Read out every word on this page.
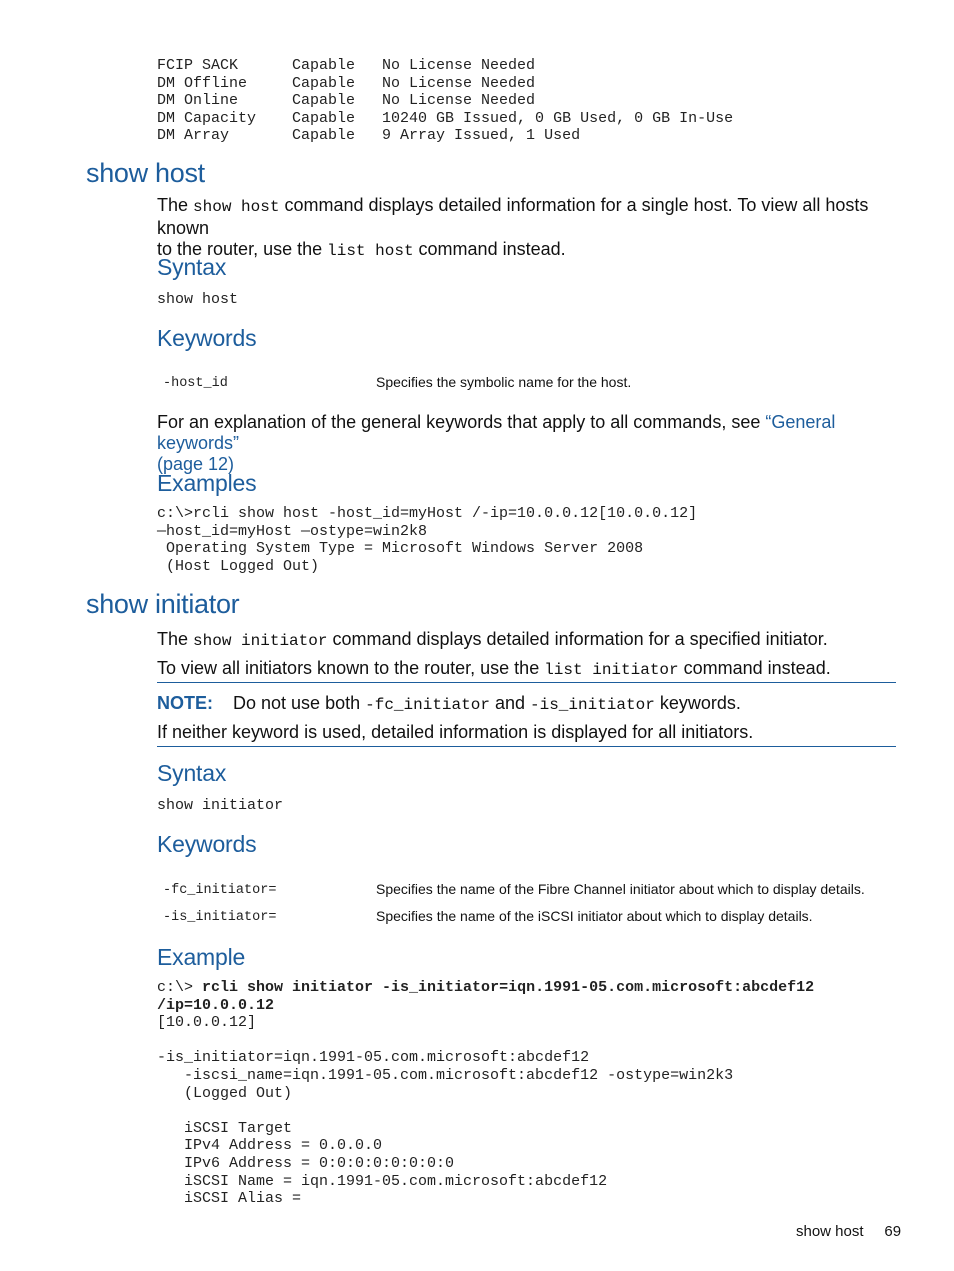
FCIP SACK      Capable   No License Needed
DM Offline     Capable   No License Needed
DM Online      Capable   No License Needed
DM Capacity    Capable   10240 GB Issued, 0 GB Used, 0 GB In-Use
DM Array       Capable   9 Array Issued, 1 Used
show host
The show host command displays detailed information for a single host. To view all hosts known
to the router, use the list host command instead.
Syntax
show host
Keywords
-host_id	Specifies the symbolic name for the host.
For an explanation of the general keywords that apply to all commands, see “General keywords”
(page 12)
Examples
c:\>rcli show host -host_id=myHost /-ip=10.0.0.12[10.0.0.12]
—host_id=myHost —ostype=win2k8
Operating System Type = Microsoft Windows Server 2008
(Host Logged Out)
show initiator
The show initiator command displays detailed information for a specified initiator.
To view all initiators known to the router, use the list initiator command instead.
NOTE: Do not use both -fc_initiator and -is_initiator keywords.
If neither keyword is used, detailed information is displayed for all initiators.
Syntax
show initiator
Keywords
-fc_initiator=	Specifies the name of the Fibre Channel initiator about which to display details.
-is_initiator=	Specifies the name of the iSCSI initiator about which to display details.
Example
c:\> rcli show initiator -is_initiator=iqn.1991-05.com.microsoft:abcdef12
/ip=10.0.0.12
[10.0.0.12]

-is_initiator=iqn.1991-05.com.microsoft:abcdef12
-iscsi_name=iqn.1991-05.com.microsoft:abcdef12 -ostype=win2k3
(Logged Out)

iSCSI Target
IPv4 Address = 0.0.0.0
IPv6 Address = 0:0:0:0:0:0:0:0
iSCSI Name = iqn.1991-05.com.microsoft:abcdef12
iSCSI Alias =
show host 69
